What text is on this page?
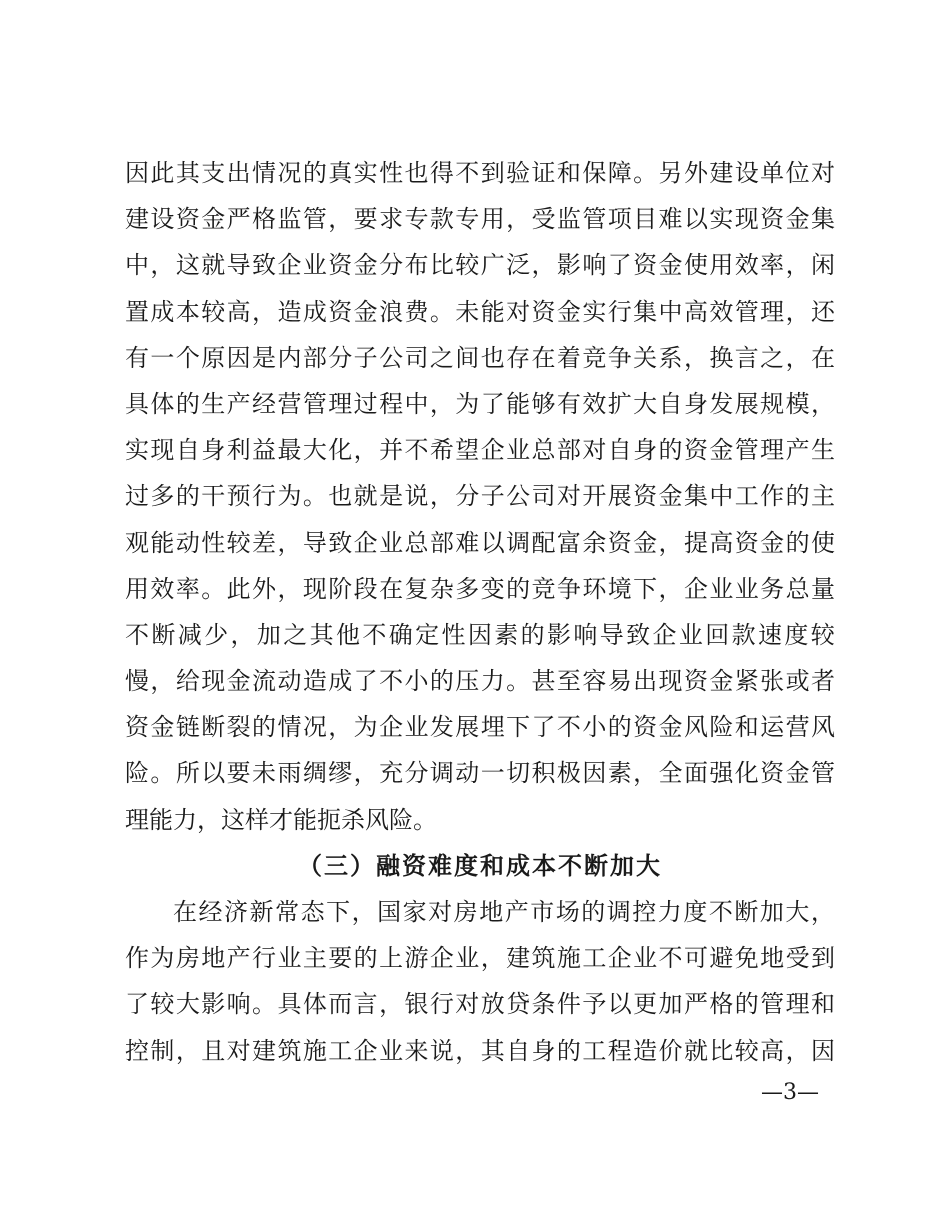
因 此 其 支 出 情 况 的 真 实 性 也 得 不 到 验 证 和 保 障 。 另 外 建 设 单 位 对
建 设 资 金 严 格 监 管 ， 要 求 专 款 专 用 ， 受 监 管 项 目 难 以 实 现 资 金 集
中 ， 这 就 导 致 企 业 资 金 分 布 比 较 广 泛 ， 影 响 了 资 金 使 用 效 率 ， 闲
置 成 本 较 高 ， 造 成 资 金 浪 费 。 未 能 对 资 金 实 行 集 中 高 效 管 理 ， 还
有 一 个 原 因 是 内 部 分 子 公 司 之 间 也 存 在 着 竞 争 关 系 ， 换 言 之 ， 在
具 体 的 生 产 经 营 管 理 过 程 中 ， 为 了 能 够 有 效 扩 大 自 身 发 展 规 模 ，
实 现 自 身 利 益 最 大 化 ， 并 不 希 望 企 业 总 部 对 自 身 的 资 金 管 理 产 生
过 多 的 干 预 行 为 。 也 就 是 说 ， 分 子 公 司 对 开 展 资 金 集 中 工 作 的 主
观 能 动 性 较 差 ， 导 致 企 业 总 部 难 以 调 配 富 余 资 金 ， 提 高 资 金 的 使
用 效 率 。 此 外 ， 现 阶 段 在 复 杂 多 变 的 竞 争 环 境 下 ， 企 业 业 务 总 量
不 断 减 少 ， 加 之 其 他 不 确 定 性 因 素 的 影 响 导 致 企 业 回 款 速 度 较
慢 ， 给 现 金 流 动 造 成 了 不 小 的 压 力 。 甚 至 容 易 出 现 资 金 紧 张 或 者
资 金 链 断 裂 的 情 况 ， 为 企 业 发 展 埋 下 了 不 小 的 资 金 风 险 和 运 营 风
险 。 所 以 要 未 雨 绸 缪 ， 充 分 调 动 一 切 积 极 因 素 ， 全 面 强 化 资 金 管
理能力，这样才能扼杀风险。
（三）融资难度和成本不断加大
在 经 济 新 常 态 下 ， 国 家 对 房 地 产 市 场 的 调 控 力 度 不 断 加 大 ，
作 为 房 地 产 行 业 主 要 的 上 游 企 业 ， 建 筑 施 工 企 业 不 可 避 免 地 受 到
了 较 大 影 响 。 具 体 而 言 ， 银 行 对 放 贷 条 件 予 以 更 加 严 格 的 管 理 和
控 制 ， 且 对 建 筑 施 工 企 业 来 说 ， 其 自 身 的 工 程 造 价 就 比 较 高 ， 因
—3—
